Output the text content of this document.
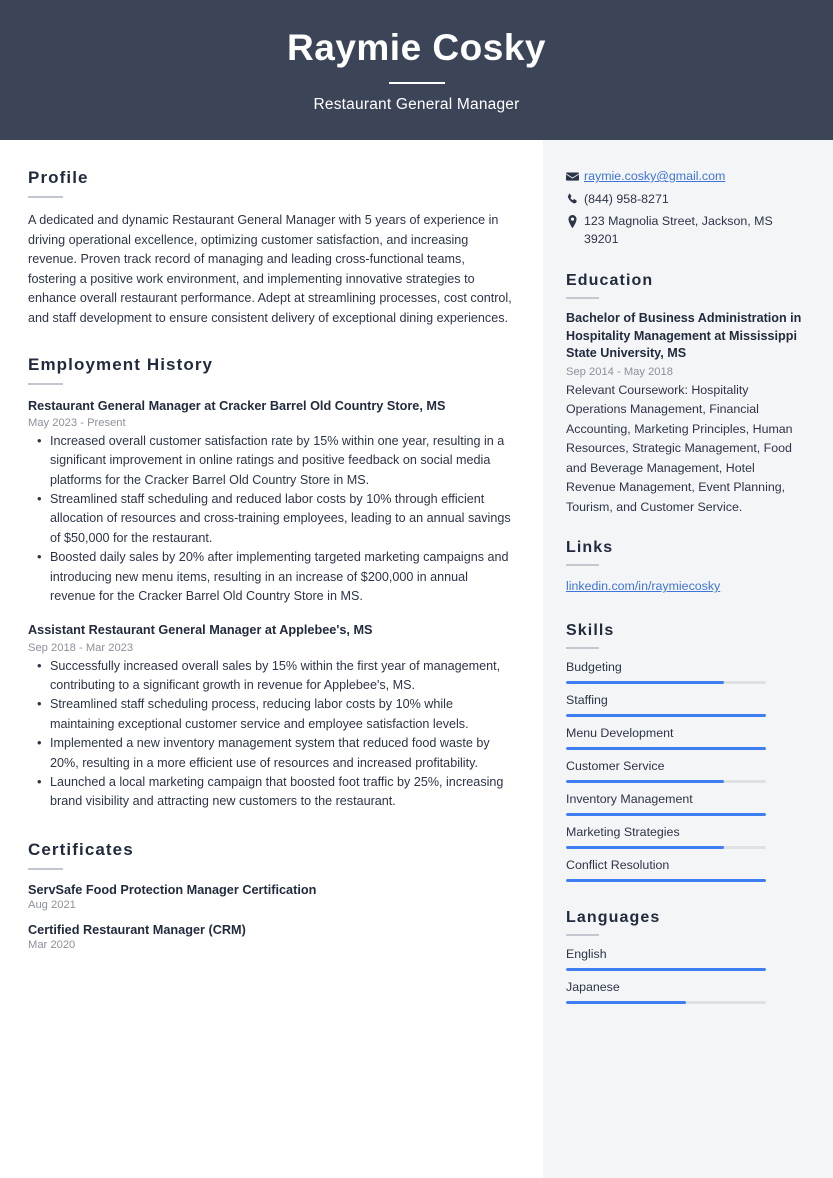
Raymie Cosky
Restaurant General Manager
Profile
A dedicated and dynamic Restaurant General Manager with 5 years of experience in driving operational excellence, optimizing customer satisfaction, and increasing revenue. Proven track record of managing and leading cross-functional teams, fostering a positive work environment, and implementing innovative strategies to enhance overall restaurant performance. Adept at streamlining processes, cost control, and staff development to ensure consistent delivery of exceptional dining experiences.
Employment History
Restaurant General Manager at Cracker Barrel Old Country Store, MS
May 2023 - Present
• Increased overall customer satisfaction rate by 15% within one year, resulting in a significant improvement in online ratings and positive feedback on social media platforms for the Cracker Barrel Old Country Store in MS.
• Streamlined staff scheduling and reduced labor costs by 10% through efficient allocation of resources and cross-training employees, leading to an annual savings of $50,000 for the restaurant.
• Boosted daily sales by 20% after implementing targeted marketing campaigns and introducing new menu items, resulting in an increase of $200,000 in annual revenue for the Cracker Barrel Old Country Store in MS.
Assistant Restaurant General Manager at Applebee's, MS
Sep 2018 - Mar 2023
• Successfully increased overall sales by 15% within the first year of management, contributing to a significant growth in revenue for Applebee's, MS.
• Streamlined staff scheduling process, reducing labor costs by 10% while maintaining exceptional customer service and employee satisfaction levels.
• Implemented a new inventory management system that reduced food waste by 20%, resulting in a more efficient use of resources and increased profitability.
• Launched a local marketing campaign that boosted foot traffic by 25%, increasing brand visibility and attracting new customers to the restaurant.
Certificates
ServSafe Food Protection Manager Certification
Aug 2021
Certified Restaurant Manager (CRM)
Mar 2020
raymie.cosky@gmail.com
(844) 958-8271
123 Magnolia Street, Jackson, MS 39201
Education
Bachelor of Business Administration in Hospitality Management at Mississippi State University, MS
Sep 2014 - May 2018
Relevant Coursework: Hospitality Operations Management, Financial Accounting, Marketing Principles, Human Resources, Strategic Management, Food and Beverage Management, Hotel Revenue Management, Event Planning, Tourism, and Customer Service.
Links
linkedin.com/in/raymiecosky
Skills
Budgeting
Staffing
Menu Development
Customer Service
Inventory Management
Marketing Strategies
Conflict Resolution
Languages
English
Japanese
